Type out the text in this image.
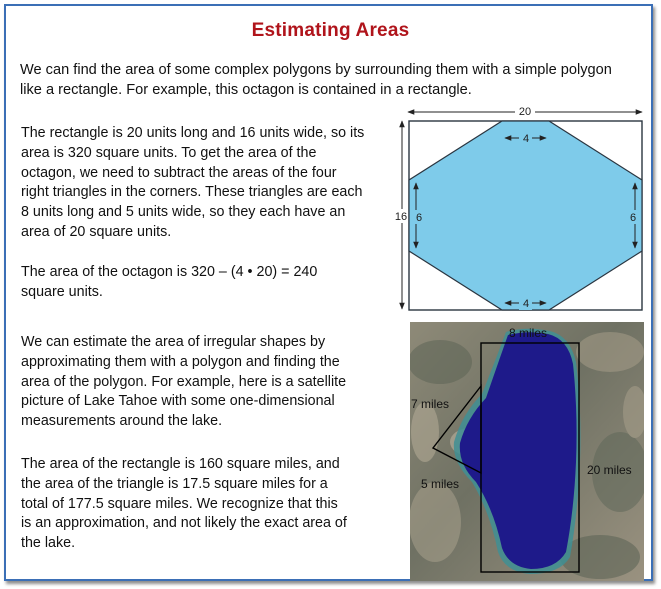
Estimating Areas
We can find the area of some complex polygons by surrounding them with a simple polygon like a rectangle. For example, this octagon is contained in a rectangle.
The rectangle is 20 units long and 16 units wide, so its area is 320 square units. To get the area of the octagon, we need to subtract the areas of the four right triangles in the corners. These triangles are each 8 units long and 5 units wide, so they each have an area of 20 square units.
The area of the octagon is 320 – (4 • 20) = 240 square units.
We can estimate the area of irregular shapes by approximating them with a polygon and finding the area of the polygon. For example, here is a satellite picture of Lake Tahoe with some one-dimensional measurements around the lake.
The area of the rectangle is 160 square miles, and the area of the triangle is 17.5 square miles for a total of 177.5 square miles. We recognize that this is an approximation, and not likely the exact area of the lake.
20
16
4
4
6	6
8 miles
7 miles
5 miles
20 miles
